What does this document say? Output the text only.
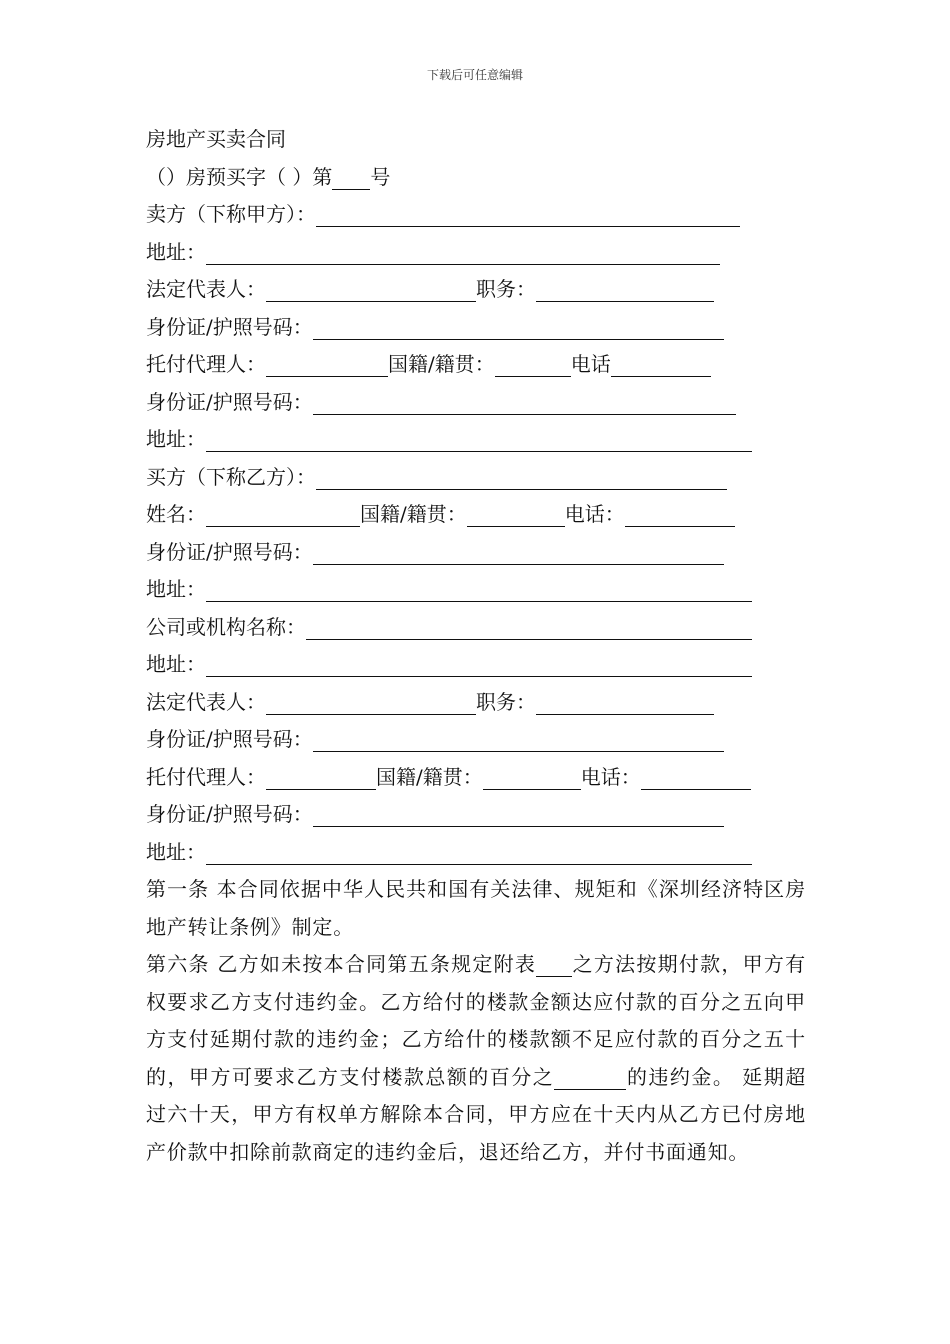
下载后可任意编辑
房地产买卖合同
（）房预买字（ ）第 号
卖方（下称甲方）：
地址：
法定代表人：	职务：
身份证/护照号码：
托付代理人：	国籍/籍贯：	电话
身份证/护照号码：
地址：
买方（下称乙方）：
姓名：	国籍/籍贯：	电话：
身份证/护照号码：
地址：
公司或机构名称：
地址：
法定代表人：	职务：
身份证/护照号码：
托付代理人：	国籍/籍贯：	电话：
身份证/护照号码：
地址：
第一条 本合同依据中华人民共和国有关法律、规矩和《深圳经济特区房地产转让条例》制定。
第六条 乙方如未按本合同第五条规定附表 之方法按期付款，甲方有权要求乙方支付违约金。乙方给付的楼款金额达应付款的百分之五向甲方支付延期付款的违约金；乙方给什的楼款额不足应付款的百分之五十的，甲方可要求乙方支付楼款总额的百分之	的违约金。 延期超过六十天，甲方有权单方解除本合同，甲方应在十天内从乙方已付房地产价款中扣除前款商定的违约金后，退还给乙方，并付书面通知。
